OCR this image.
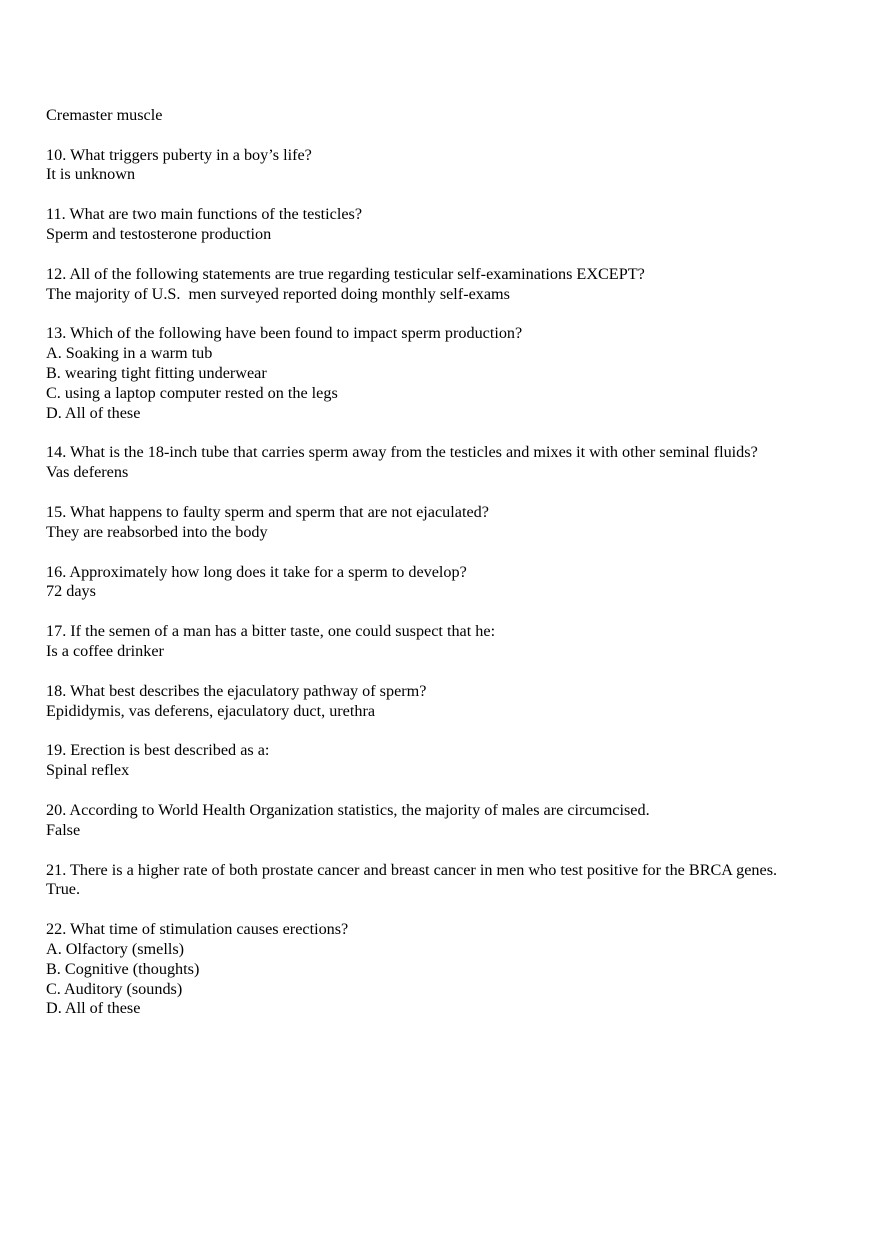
Cremaster muscle
10. What triggers puberty in a boy’s life?
It is unknown
11. What are two main functions of the testicles?
Sperm and testosterone production
12. All of the following statements are true regarding testicular self-examinations EXCEPT?
The majority of U.S.  men surveyed reported doing monthly self-exams
13. Which of the following have been found to impact sperm production?
A. Soaking in a warm tub
B. wearing tight fitting underwear
C. using a laptop computer rested on the legs
D. All of these
14. What is the 18-inch tube that carries sperm away from the testicles and mixes it with other seminal fluids?
Vas deferens
15. What happens to faulty sperm and sperm that are not ejaculated?
They are reabsorbed into the body
16. Approximately how long does it take for a sperm to develop?
72 days
17. If the semen of a man has a bitter taste, one could suspect that he:
Is a coffee drinker
18. What best describes the ejaculatory pathway of sperm?
Epididymis, vas deferens, ejaculatory duct, urethra
19. Erection is best described as a:
Spinal reflex
20. According to World Health Organization statistics, the majority of males are circumcised.
False
21. There is a higher rate of both prostate cancer and breast cancer in men who test positive for the BRCA genes.
True.
22. What time of stimulation causes erections?
A. Olfactory (smells)
B. Cognitive (thoughts)
C. Auditory (sounds)
D. All of these
